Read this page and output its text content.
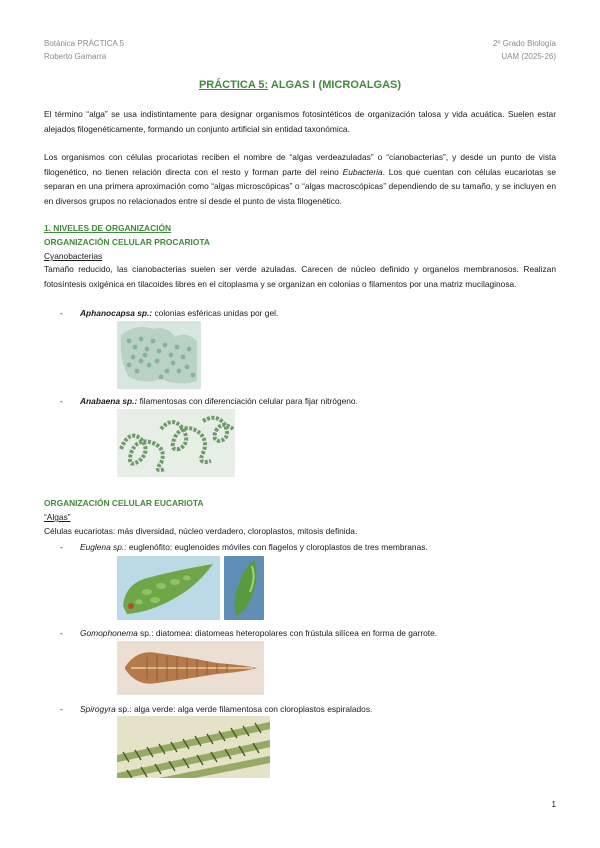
Botánica PRÁCTICA 5
Roberto Gamarra
2º Grado Biología
UAM (2025-26)
PRÁCTICA 5: ALGAS I (MICROALGAS)
El término “alga” se usa indistintamente para designar organismos fotosintéticos de organización talosa y vida acuática. Suelen estar alejados filogenéticamente, formando un conjunto artificial sin entidad taxonómica.
Los organismos con células procariotas reciben el nombre de “algas verdeazuladas” o “cianobacterias”, y desde un punto de vista filogenético, no tienen relación directa con el resto y forman parte del reino Eubacteria. Los que cuentan con células eucariotas se separan en una primera aproximación como “algas microscópicas” o “algas macroscópicas” dependiendo de su tamaño, y se incluyen en en diversos grupos no relacionados entre sí desde el punto de vista filogenético.
1. NIVELES DE ORGANIZACIÓN
ORGANIZACIÓN CELULAR PROCARIOTA
Cyanobacterias
Tamaño reducido, las cianobacterias suelen ser verde azuladas. Carecen de núcleo definido y organelos membranosos. Realizan fotosíntesis oxigénica en tilacoides libres en el citoplasma y se organizan en colonias o filamentos por una matriz mucilaginosa.
- Aphanocapsa sp.: colonias esféricas unidas por gel.
- Anabaena sp.: filamentosas con diferenciación celular para fijar nitrógeno.
ORGANIZACIÓN CELULAR EUCARIOTA
“Algas”
Células eucariotas: más diversidad, núcleo verdadero, cloroplastos, mitosis definida.
- Euglena sp.: euglenófito: euglenoides móviles con flagelos y cloroplastos de tres membranas.
- Gomophonema sp.: diatomea: diatomeas heteropolares con frústula silícea en forma de garrote.
- Spirogyra sp.: alga verde: alga verde filamentosa con cloroplastos espiralados.
1
